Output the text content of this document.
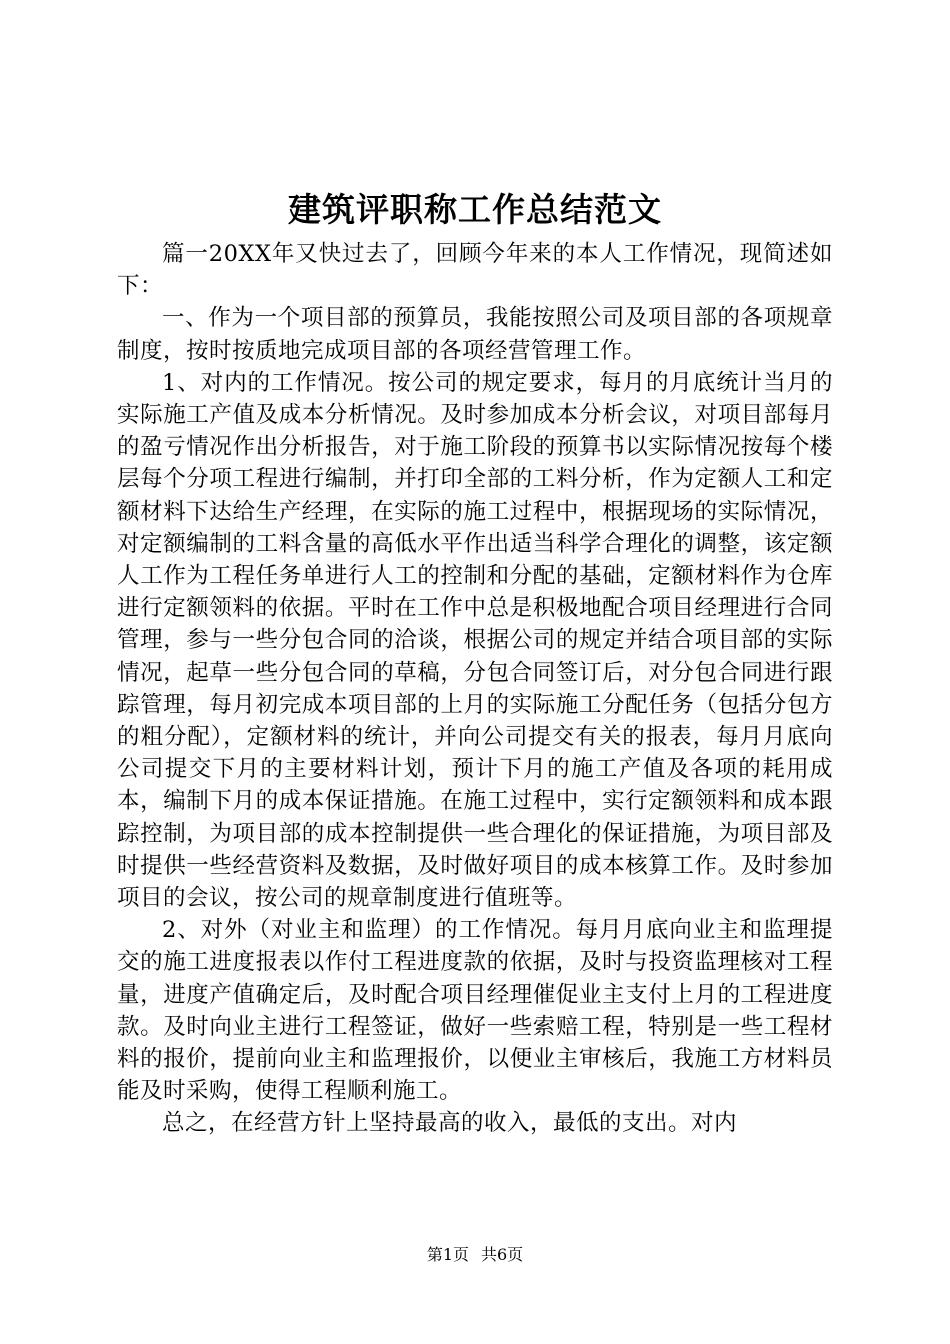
建筑评职称工作总结范文

篇一20XX年又快过去了，回顾今年来的本人工作情况，现简述如下：

一、作为一个项目部的预算员，我能按照公司及项目部的各项规章制度，按时按质地完成项目部的各项经营管理工作。

1、对内的工作情况。按公司的规定要求，每月的月底统计当月的实际施工产值及成本分析情况。及时参加成本分析会议，对项目部每月的盈亏情况作出分析报告，对于施工阶段的预算书以实际情况按每个楼层每个分项工程进行编制，并打印全部的工料分析，作为定额人工和定额材料下达给生产经理，在实际的施工过程中，根据现场的实际情况，对定额编制的工料含量的高低水平作出适当科学合理化的调整，该定额人工作为工程任务单进行人工的控制和分配的基础，定额材料作为仓库进行定额领料的依据。平时在工作中总是积极地配合项目经理进行合同管理，参与一些分包合同的洽谈，根据公司的规定并结合项目部的实际情况，起草一些分包合同的草稿，分包合同签订后，对分包合同进行跟踪管理，每月初完成本项目部的上月的实际施工分配任务（包括分包方的粗分配），定额材料的统计，并向公司提交有关的报表，每月月底向公司提交下月的主要材料计划，预计下月的施工产值及各项的耗用成本，编制下月的成本保证措施。在施工过程中，实行定额领料和成本跟踪控制，为项目部的成本控制提供一些合理化的保证措施，为项目部及时提供一些经营资料及数据，及时做好项目的成本核算工作。及时参加项目的会议，按公司的规章制度进行值班等。

2、对外（对业主和监理）的工作情况。每月月底向业主和监理提交的施工进度报表以作付工程进度款的依据，及时与投资监理核对工程量，进度产值确定后，及时配合项目经理催促业主支付上月的工程进度款。及时向业主进行工程签证，做好一些索赔工程，特别是一些工程材料的报价，提前向业主和监理报价，以便业主审核后，我施工方材料员能及时采购，使得工程顺利施工。

总之，在经营方针上坚持最高的收入，最低的支出。对内

第1页 共6页
